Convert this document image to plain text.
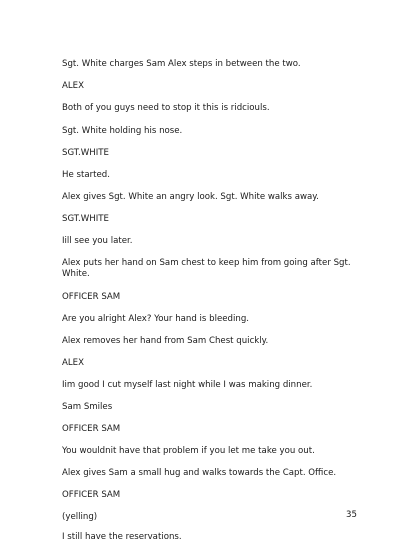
Sgt. White charges Sam Alex steps in between the two.
ALEX
Both of you guys need to stop it this is ridciouls.
Sgt. White holding his nose.
SGT.WHITE
He started.
Alex gives Sgt. White an angry look. Sgt. White walks away.
SGT.WHITE
Iill see you later.
Alex puts her hand on Sam chest to keep him from going after Sgt. White.
OFFICER SAM
Are you alright Alex? Your hand is bleeding.
Alex removes her hand from Sam Chest quickly.
ALEX
Iim good I cut myself last night while I was making dinner.
Sam Smiles
OFFICER SAM
You wouldnit have that problem if you let me take you out.
Alex gives Sam a small hug and walks towards the Capt. Office.
OFFICER SAM
(yelling)
I still have the reservations.
35
